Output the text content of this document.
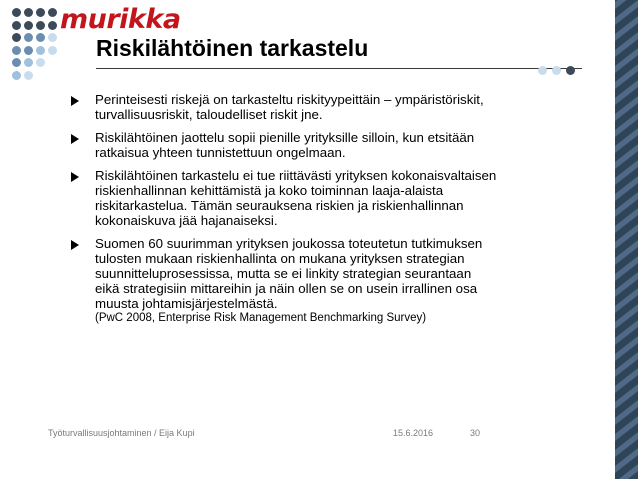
murikka
Riskilähtöinen tarkastelu

Perinteisesti riskejä on tarkasteltu riskityypeittäin – ympäristöriskit,

turvallisuusriskit, taloudelliset riskit jne.

Riskilähtöinen jaottelu sopii pienille yrityksille silloin, kun etsitään

ratkaisua yhteen tunnistettuun ongelmaan.

Riskilähtöinen tarkastelu ei tue riittävästi yrityksen kokonaisvaltaisen

riskienhallinnan kehittämistä ja koko toiminnan laaja-alaista

riskitarkastelua. Tämän seurauksena riskien ja riskienhallinnan

kokonaiskuva jää hajanaiseksi.

Suomen 60 suurimman yrityksen joukossa toteutetun tutkimuksen

tulosten mukaan riskienhallinta on mukana yrityksen strategian

suunnitteluprosessissa, mutta se ei linkity strategian seurantaan

eikä strategisiin mittareihin ja näin ollen se on usein irrallinen osa

muusta johtamisjärjestelmästä.

(PwC 2008, Enterprise Risk Management Benchmarking Survey)

Työturvallisuusjohtaminen / Eija Kupi	15.6.2016	30
